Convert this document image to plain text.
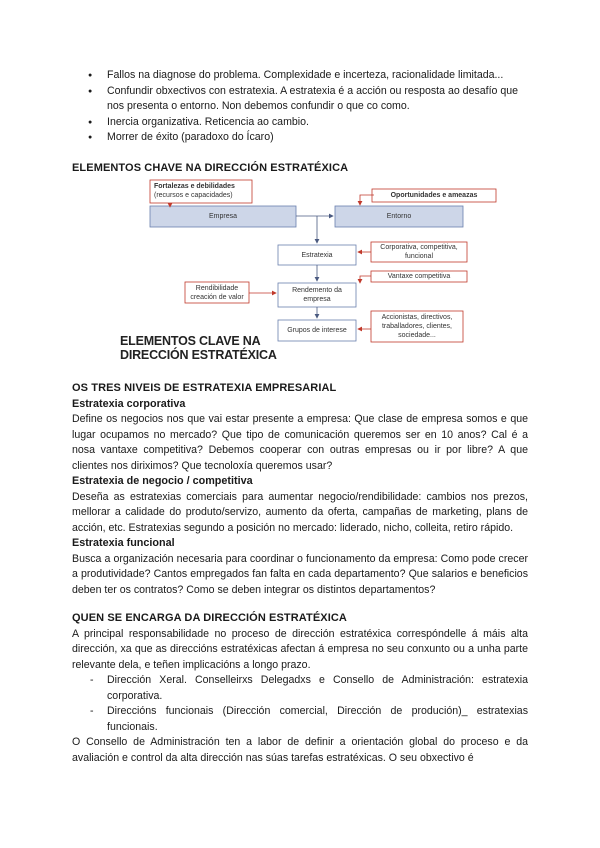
● Fallos na diagnose do problema. Complexidade e incerteza, racionalidade limitada...
● Confundir obxectivos con estratexia. A estratexia é a acción ou resposta ao desafío que nos presenta o entorno. Non debemos confundir o que co como.
● Inercia organizativa. Reticencia ao cambio.
● Morrer de éxito (paradoxo do Ícaro)
ELEMENTOS CHAVE NA DIRECCIÓN ESTRATÉXICA
Fortalezas e debilidades
(recursos e capacidades)
Empresa
Oportunidades e ameazas
Entorno
Estratexia
Corporativa, competitiva,
funcional
Vantaxe competitiva
Rendibilidade
creación de valor
Rendemento da
empresa
Grupos de interese
Accionistas, directivos,
traballadores, clientes,
sociedade...
ELEMENTOS CLAVE NA
DIRECCIÓN ESTRATÉXICA
OS TRES NIVEIS DE ESTRATEXIA EMPRESARIAL
Estratexia corporativa

Define os negocios nos que vai estar presente a empresa: Que clase de empresa somos e que lugar ocupamos no mercado? Que tipo de comunicación queremos ser en 10 anos? Cal é a nosa vantaxe competitiva? Debemos cooperar con outras empresas ou ir por libre? A que clientes nos diriximos? Que tecnoloxía queremos usar?

Estratexia de negocio / competitiva

Deseña as estratexias comerciais para aumentar negocio/rendibilidade: cambios nos prezos, mellorar a calidade do produto/servizo, aumento da oferta, campañas de marketing, plans de acción, etc. Estratexias segundo a posición no mercado: liderado, nicho, colleita, retiro rápido.

Estratexia funcional

Busca a organización necesaria para coordinar o funcionamento da empresa: Como pode crecer a produtividade? Cantos empregados fan falta en cada departamento? Que salarios e beneficios deben ter os contratos? Como se deben integrar os distintos departamentos?

QUEN SE ENCARGA DA DIRECCIÓN ESTRATÉXICA

A principal responsabilidade no proceso de dirección estratéxica correspóndelle á máis alta dirección, xa que as direccións estratéxicas afectan á empresa no seu conxunto ou a unha parte relevante dela, e teñen implicacións a longo prazo.

- Dirección Xeral. Conselleirxs Delegadxs e Consello de Administración: estratexia corporativa.
- Direccións funcionais (Dirección comercial, Dirección de produción)_ estratexias funcionais.

O Consello de Administración ten a labor de definir a orientación global do proceso e da avaliación e control da alta dirección nas súas tarefas estratéxicas. O seu obxectivo é
